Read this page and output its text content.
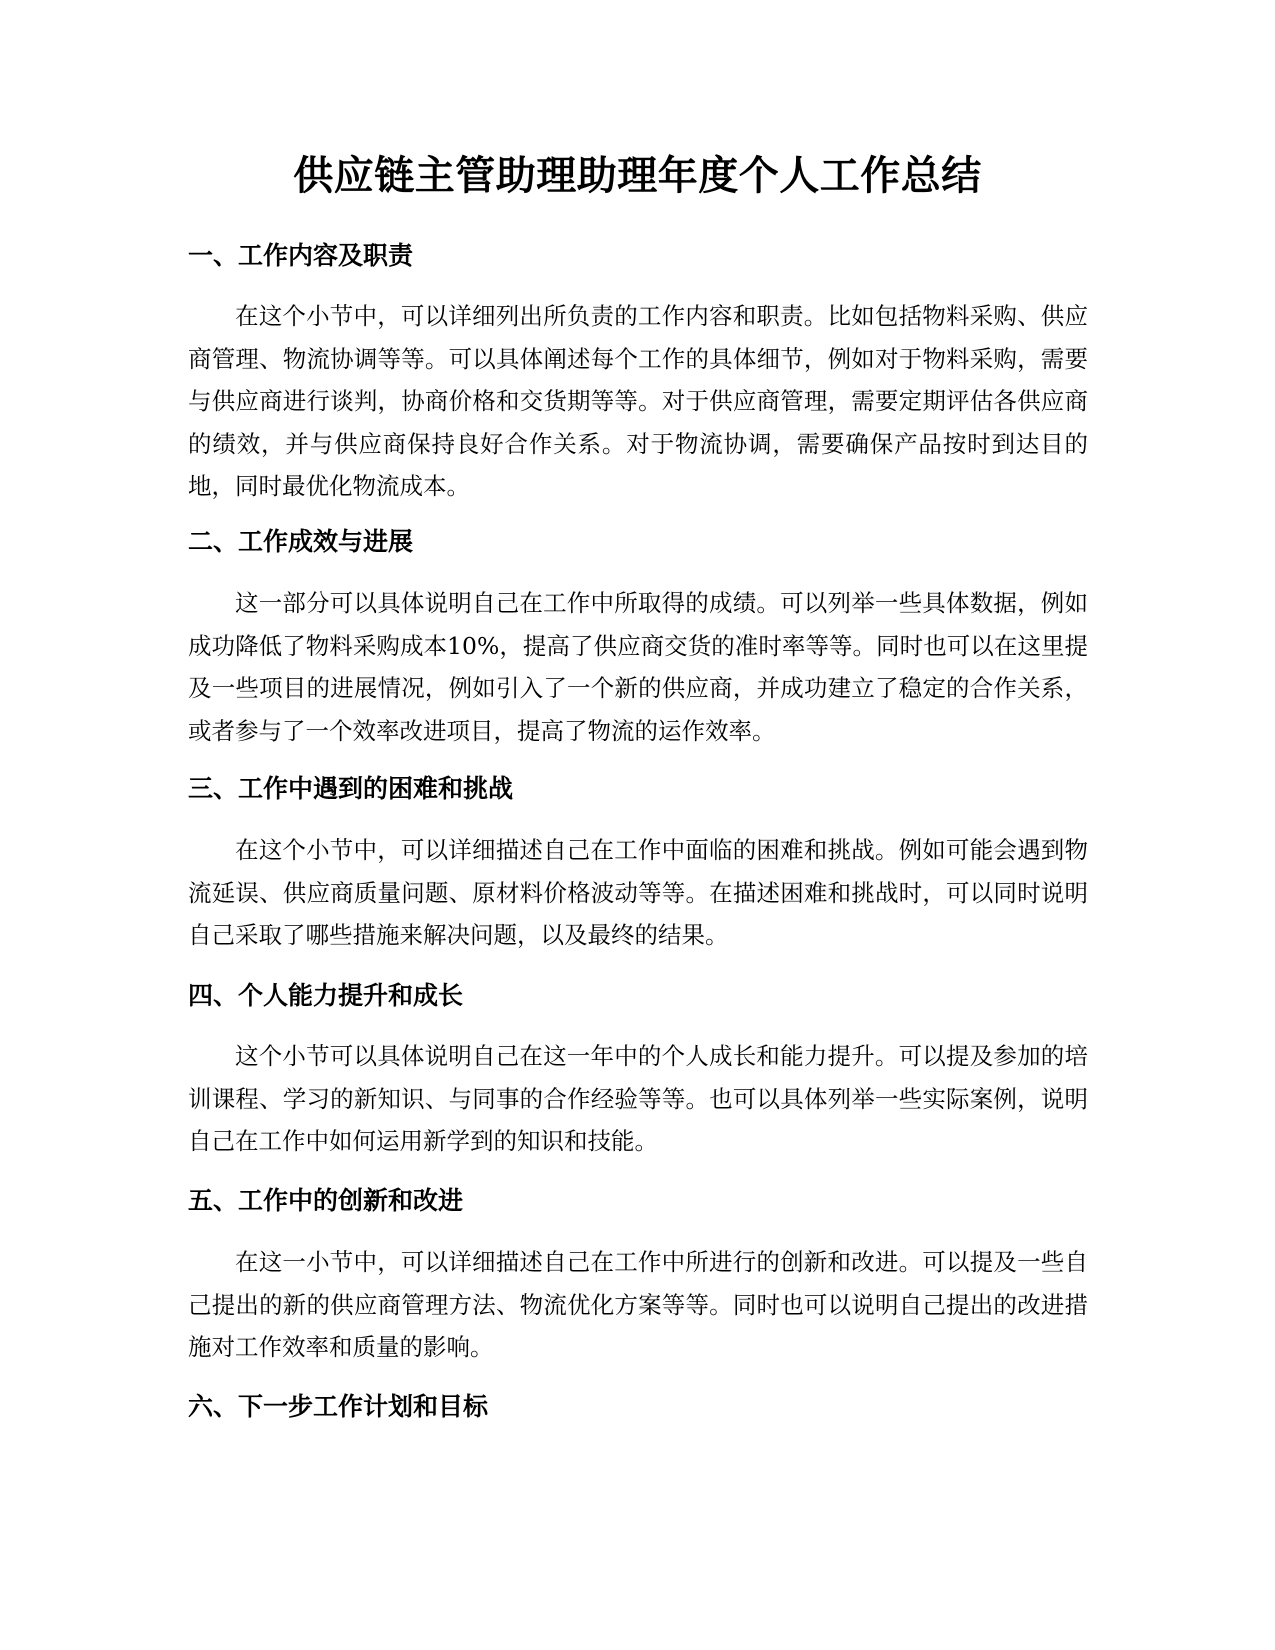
供应链主管助理助理年度个人工作总结
一、工作内容及职责

在这个小节中，可以详细列出所负责的工作内容和职责。比如包括物料采购、供应商管理、物流协调等等。可以具体阐述每个工作的具体细节，例如对于物料采购，需要与供应商进行谈判，协商价格和交货期等等。对于供应商管理，需要定期评估各供应商的绩效，并与供应商保持良好合作关系。对于物流协调，需要确保产品按时到达目的地，同时最优化物流成本。

二、工作成效与进展

这一部分可以具体说明自己在工作中所取得的成绩。可以列举一些具体数据，例如成功降低了物料采购成本10%，提高了供应商交货的准时率等等。同时也可以在这里提及一些项目的进展情况，例如引入了一个新的供应商，并成功建立了稳定的合作关系，或者参与了一个效率改进项目，提高了物流的运作效率。

三、工作中遇到的困难和挑战

在这个小节中，可以详细描述自己在工作中面临的困难和挑战。例如可能会遇到物流延误、供应商质量问题、原材料价格波动等等。在描述困难和挑战时，可以同时说明自己采取了哪些措施来解决问题，以及最终的结果。

四、个人能力提升和成长

这个小节可以具体说明自己在这一年中的个人成长和能力提升。可以提及参加的培训课程、学习的新知识、与同事的合作经验等等。也可以具体列举一些实际案例，说明自己在工作中如何运用新学到的知识和技能。

五、工作中的创新和改进

在这一小节中，可以详细描述自己在工作中所进行的创新和改进。可以提及一些自己提出的新的供应商管理方法、物流优化方案等等。同时也可以说明自己提出的改进措施对工作效率和质量的影响。

六、下一步工作计划和目标
